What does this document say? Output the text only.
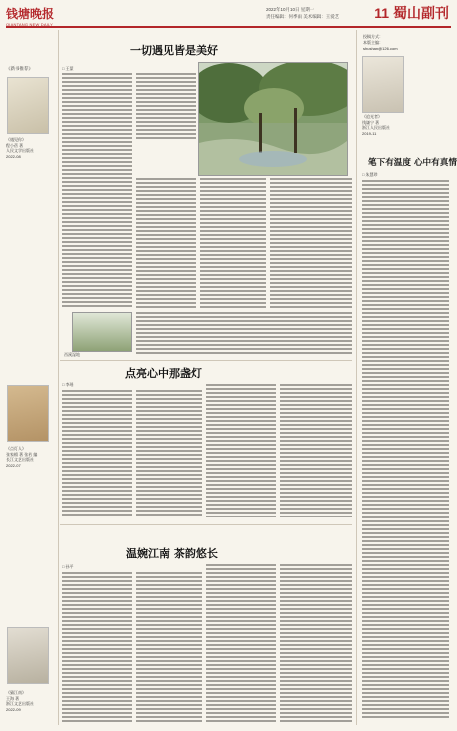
钱塘晚报
QIANTANG NEW DAILY
2022年10月10日 星期一
责任编辑：何季雨 美术编辑：王爱艺	11 蜀山副刊
《新书推荐》
《遇见你》
程小蓓 著
人民文学出版社
2022-08
《点灯人》
张家榴 著 张若 编
长江文艺出版社
2022-07
《猫江南》
王海 著
浙江文艺出版社
2022-09
一切遇见皆是美好
□ 王蒙
西溪湿地
点亮心中那盏灯
□ 李瑶
温婉江南 茶韵悠长
□ 孙平
投稿方式：
本版主编：
shushan@126.com
《追光者》
钱谦宁 著
浙江人民出版社
2019-11
笔下有温度 心中有真情
□ 朱慧珍
